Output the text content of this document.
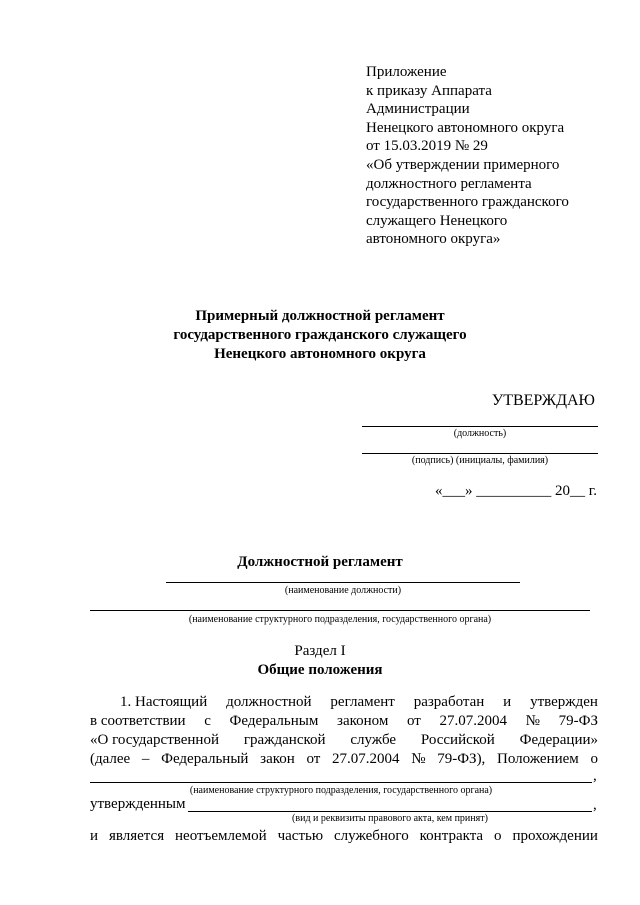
Приложение
к приказу Аппарата
Администрации
Ненецкого автономного округа
от 15.03.2019 № 29
«Об утверждении примерного
должностного регламента
государственного гражданского
служащего Ненецкого
автономного округа»
Примерный должностной регламент
государственного гражданского служащего
Ненецкого автономного округа
УТВЕРЖДАЮ
(должность)
(подпись) (инициалы, фамилия)
«___» __________ 20__ г.
Должностной регламент
(наименование должности)
(наименование структурного подразделения, государственного органа)
Раздел I
Общие положения
1. Настоящий должностной регламент разработан и утвержден
в соответствии с Федеральным законом от 27.07.2004 № 79-ФЗ
«О государственной гражданской службе Российской Федерации»
(далее – Федеральный закон от 27.07.2004 № 79-ФЗ), Положением о
,
(наименование структурного подразделения, государственного органа)
утвержденным	,
(вид и реквизиты правового акта, кем принят)
и является неотъемлемой частью служебного контракта о прохождении
